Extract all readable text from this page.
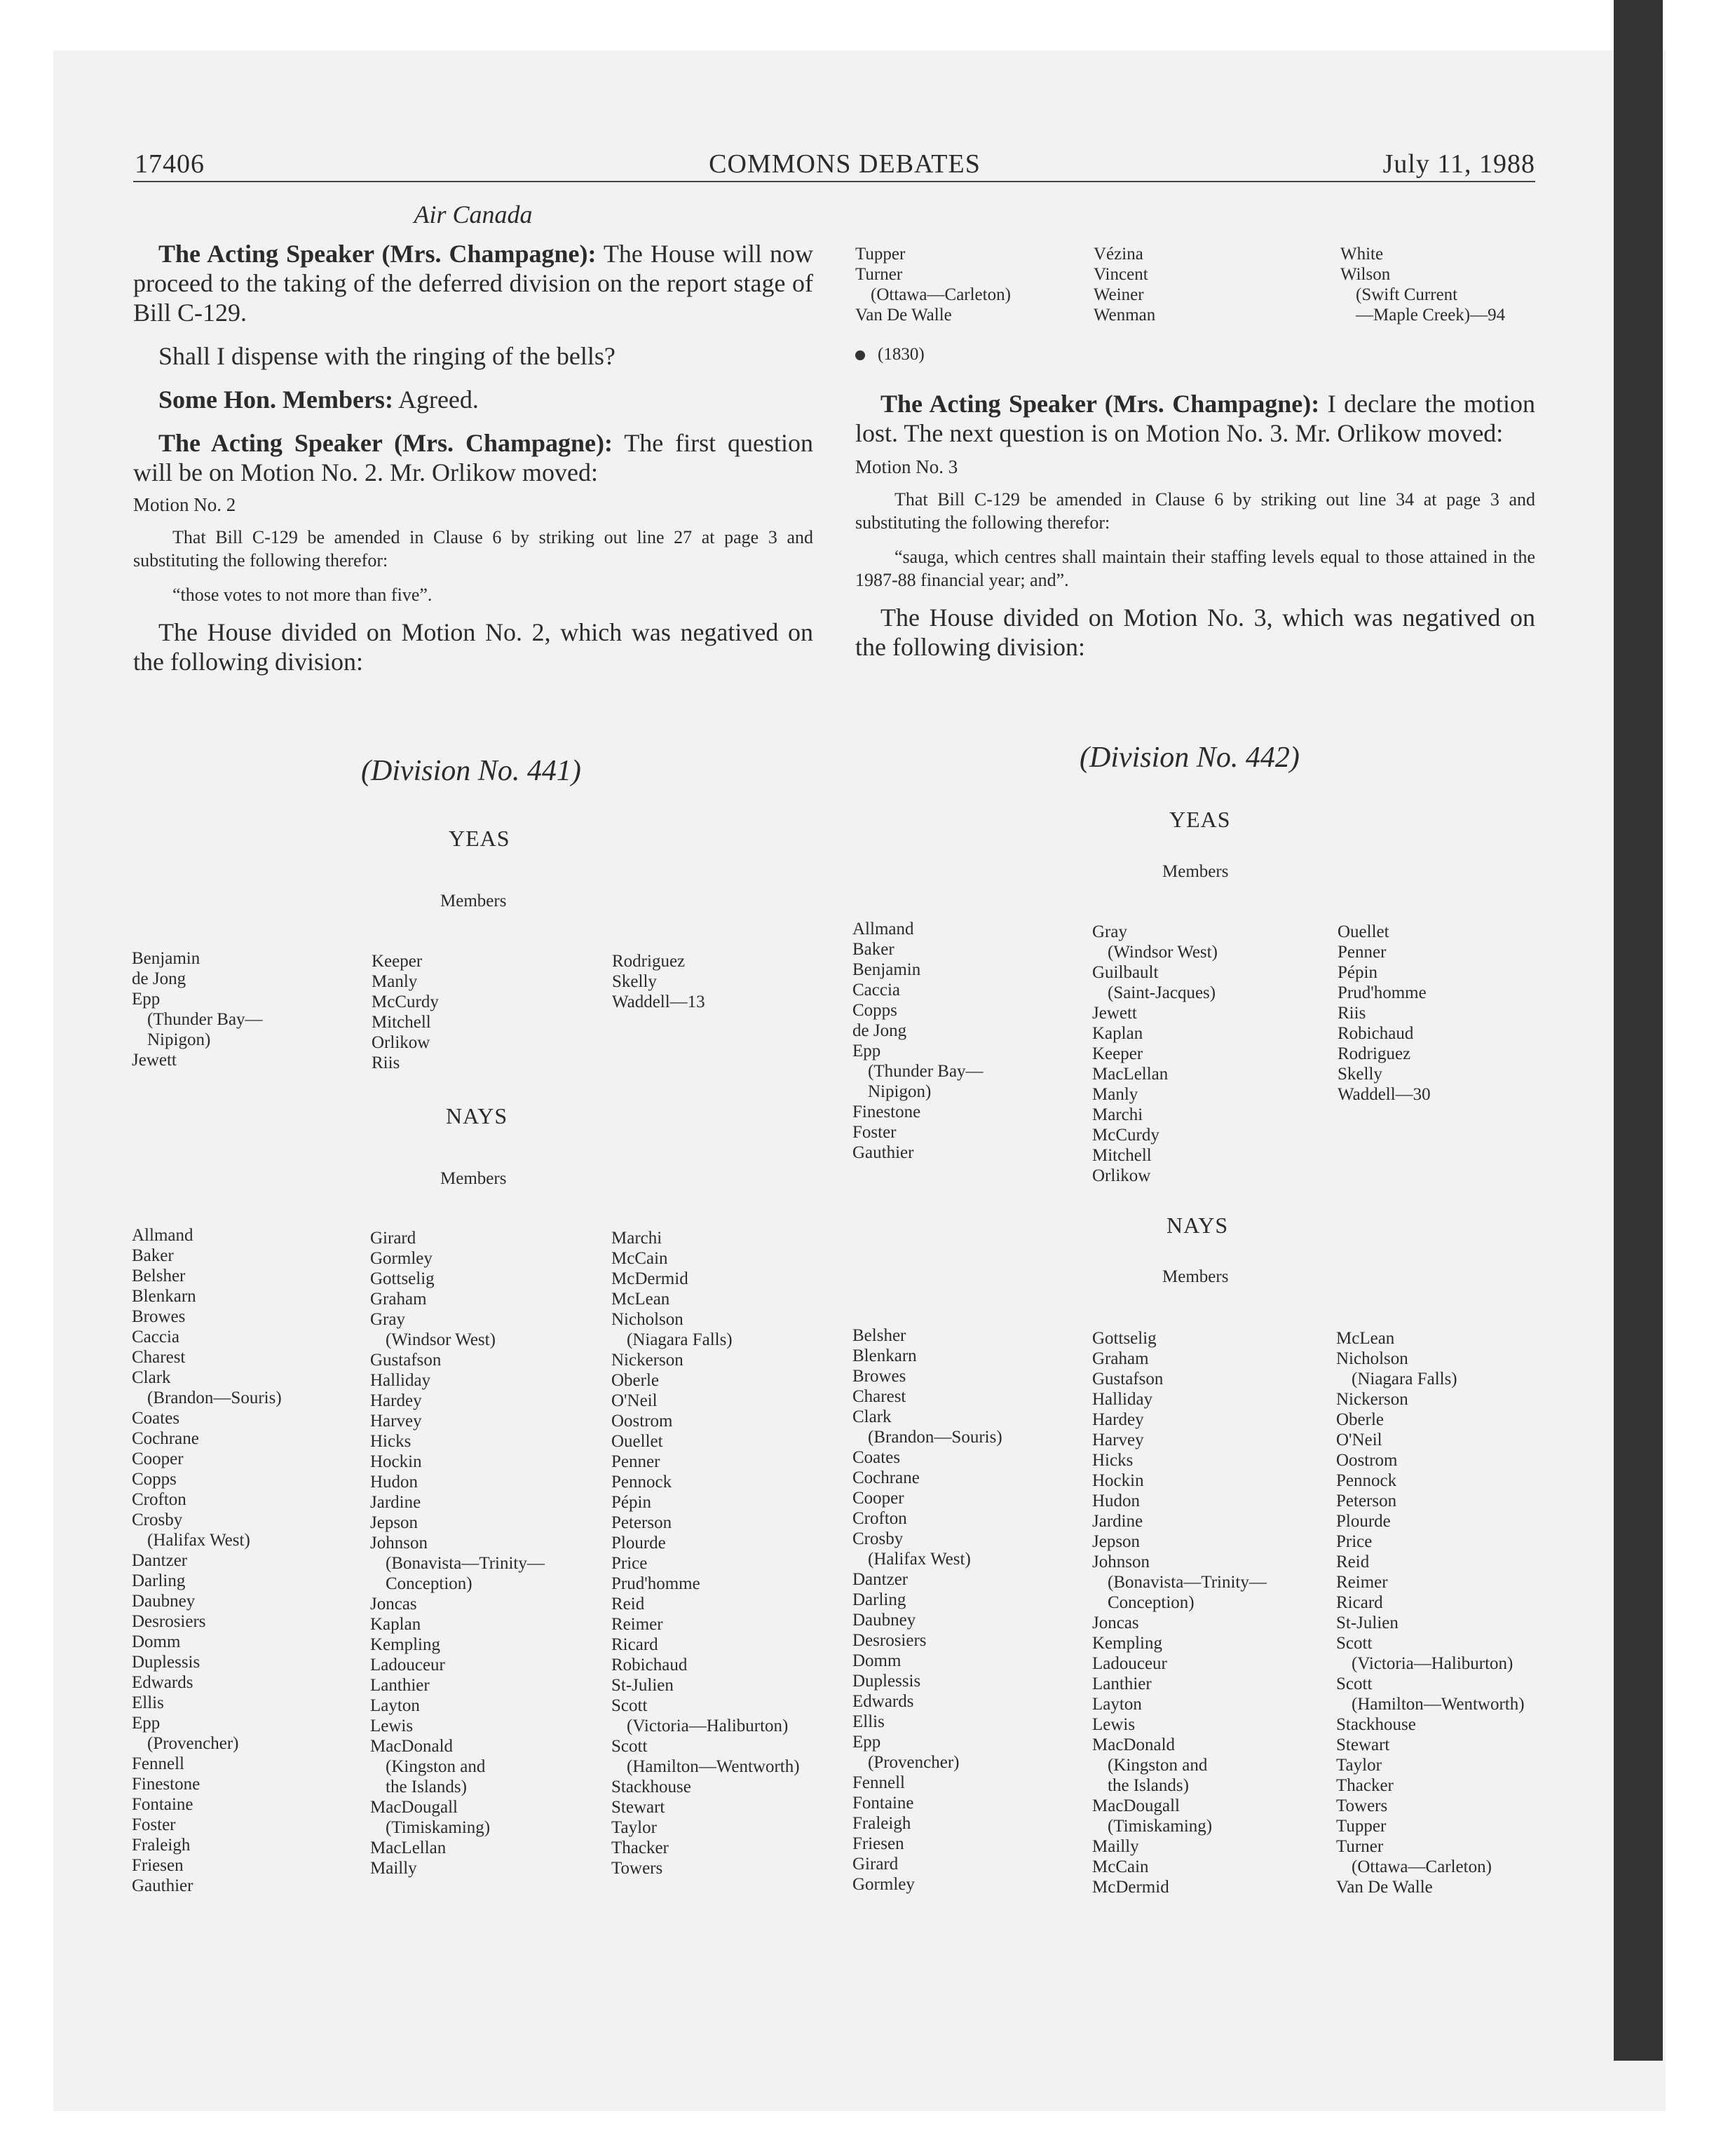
17406	COMMONS DEBATES	July 11, 1988
Air Canada

The Acting Speaker (Mrs. Champagne): The House will now proceed to the taking of the deferred division on the report stage of Bill C-129.

Shall I dispense with the ringing of the bells?

Some Hon. Members: Agreed.

The Acting Speaker (Mrs. Champagne): The first question will be on Motion No. 2. Mr. Orlikow moved:

Motion No. 2

That Bill C-129 be amended in Clause 6 by striking out line 27 at page 3 and substituting the following therefor:

“those votes to not more than five”.

The House divided on Motion No. 2, which was negatived on the following division:

Tupper
Turner
(Ottawa—Carleton)
Van De Walle
Vézina
Vincent
Weiner
Wenman
White
Wilson
(Swift Current
—Maple Creek)—94
(1830)

The Acting Speaker (Mrs. Champagne): I declare the motion lost. The next question is on Motion No. 3. Mr. Orlikow moved:

Motion No. 3

That Bill C-129 be amended in Clause 6 by striking out line 34 at page 3 and substituting the following therefor:

“sauga, which centres shall maintain their staffing levels equal to those attained in the 1987-88 financial year; and”.

The House divided on Motion No. 3, which was negatived on the following division:

(Division No. 441)
YEAS
Members
Benjamin
de Jong
Epp
(Thunder Bay—
Nipigon)
Jewett
Keeper
Manly
McCurdy
Mitchell
Orlikow
Riis
Rodriguez
Skelly
Waddell—13
NAYS
Members
Allmand
Baker
Belsher
Blenkarn
Browes
Caccia
Charest
Clark
(Brandon—Souris)
Coates
Cochrane
Cooper
Copps
Crofton
Crosby
(Halifax West)
Dantzer
Darling
Daubney
Desrosiers
Domm
Duplessis
Edwards
Ellis
Epp
(Provencher)
Fennell
Finestone
Fontaine
Foster
Fraleigh
Friesen
Gauthier
Girard
Gormley
Gottselig
Graham
Gray
(Windsor West)
Gustafson
Halliday
Hardey
Harvey
Hicks
Hockin
Hudon
Jardine
Jepson
Johnson
(Bonavista—Trinity—
Conception)
Joncas
Kaplan
Kempling
Ladouceur
Lanthier
Layton
Lewis
MacDonald
(Kingston and
the Islands)
MacDougall
(Timiskaming)
MacLellan
Mailly
Marchi
McCain
McDermid
McLean
Nicholson
(Niagara Falls)
Nickerson
Oberle
O'Neil
Oostrom
Ouellet
Penner
Pennock
Pépin
Peterson
Plourde
Price
Prud'homme
Reid
Reimer
Ricard
Robichaud
St-Julien
Scott
(Victoria—Haliburton)
Scott
(Hamilton—Wentworth)
Stackhouse
Stewart
Taylor
Thacker
Towers
(Division No. 442)
YEAS
Members
Allmand
Baker
Benjamin
Caccia
Copps
de Jong
Epp
(Thunder Bay—
Nipigon)
Finestone
Foster
Gauthier
Gray
(Windsor West)
Guilbault
(Saint-Jacques)
Jewett
Kaplan
Keeper
MacLellan
Manly
Marchi
McCurdy
Mitchell
Orlikow
Ouellet
Penner
Pépin
Prud'homme
Riis
Robichaud
Rodriguez
Skelly
Waddell—30
NAYS
Members
Belsher
Blenkarn
Browes
Charest
Clark
(Brandon—Souris)
Coates
Cochrane
Cooper
Crofton
Crosby
(Halifax West)
Dantzer
Darling
Daubney
Desrosiers
Domm
Duplessis
Edwards
Ellis
Epp
(Provencher)
Fennell
Fontaine
Fraleigh
Friesen
Girard
Gormley
Gottselig
Graham
Gustafson
Halliday
Hardey
Harvey
Hicks
Hockin
Hudon
Jardine
Jepson
Johnson
(Bonavista—Trinity—
Conception)
Joncas
Kempling
Ladouceur
Lanthier
Layton
Lewis
MacDonald
(Kingston and
the Islands)
MacDougall
(Timiskaming)
Mailly
McCain
McDermid
McLean
Nicholson
(Niagara Falls)
Nickerson
Oberle
O'Neil
Oostrom
Pennock
Peterson
Plourde
Price
Reid
Reimer
Ricard
St-Julien
Scott
(Victoria—Haliburton)
Scott
(Hamilton—Wentworth)
Stackhouse
Stewart
Taylor
Thacker
Towers
Tupper
Turner
(Ottawa—Carleton)
Van De Walle
